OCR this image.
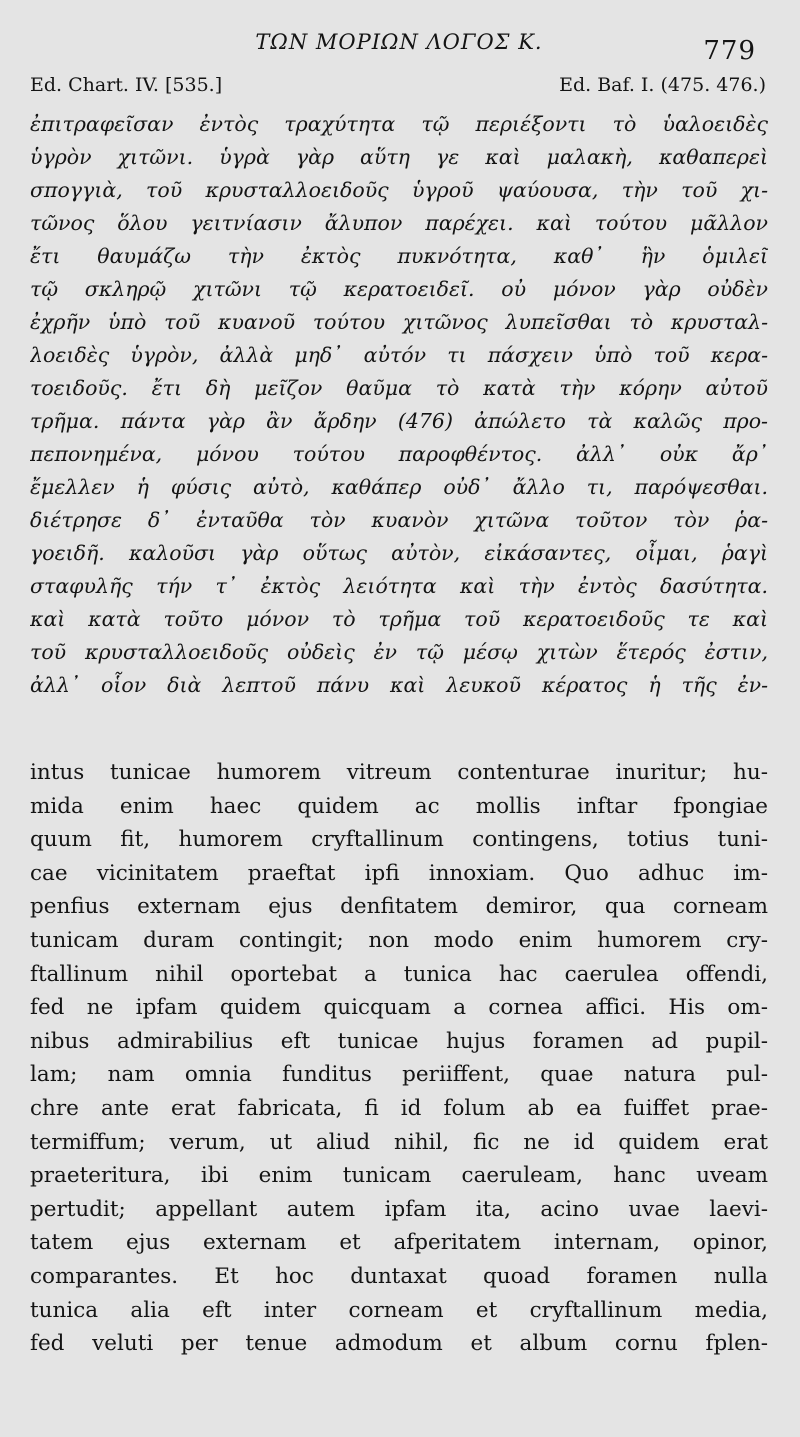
ΤΩΝ ΜΟΡΙΩΝ ΛΟΓΟΣ Κ.	779
Ed. Chart. IV. [535.]	Ed. Baf. I. (475. 476.)
ἐπιτραφεῖσαν ἐντὸς τραχύτητα τῷ περιέξοντι τὸ ὑαλοειδὲς
ὑγρὸν χιτῶνι. ὑγρὰ γὰρ αὕτη γε καὶ μαλακὴ, καθαπερεὶ
σπογγιὰ, τοῦ κρυσταλλοειδοῦς ὑγροῦ ψαύουσα, τὴν τοῦ χι-
τῶνος ὅλου γειτνίασιν ἄλυπον παρέχει. καὶ τούτου μᾶλλον
ἔτι θαυμάζω τὴν ἐκτὸς πυκνότητα, καθ᾽ ἣν ὁμιλεῖ
τῷ σκληρῷ χιτῶνι τῷ κερατοειδεῖ. οὐ μόνον γὰρ οὐδὲν
ἐχρῆν ὑπὸ τοῦ κυανοῦ τούτου χιτῶνος λυπεῖσθαι τὸ κρυσταλ-
λοειδὲς ὑγρὸν, ἀλλὰ μηδ᾽ αὐτόν τι πάσχειν ὑπὸ τοῦ κερα-
τοειδοῦς. ἔτι δὴ μεῖζον θαῦμα τὸ κατὰ τὴν κόρην αὐτοῦ
τρῆμα. πάντα γὰρ ἂν ἄρδην (476) ἀπώλετο τὰ καλῶς προ-
πεπονημένα, μόνου τούτου παροφθέντος. ἀλλ᾽ οὐκ ἄρ᾽
ἔμελλεν ἡ φύσις αὐτὸ, καθάπερ οὐδ᾽ ἄλλο τι, παρόψεσθαι.
διέτρησε δ᾽ ἐνταῦθα τὸν κυανὸν χιτῶνα τοῦτον τὸν ῥα-
γοειδῆ. καλοῦσι γὰρ οὕτως αὐτὸν, εἰκάσαντες, οἶμαι, ῥαγὶ
σταφυλῆς τήν τ᾽ ἐκτὸς λειότητα καὶ τὴν ἐντὸς δασύτητα.
καὶ κατὰ τοῦτο μόνον τὸ τρῆμα τοῦ κερατοειδοῦς τε καὶ
τοῦ κρυσταλλοειδοῦς οὐδεὶς ἐν τῷ μέσῳ χιτὼν ἕτερός ἐστιν,
ἀλλ᾽ οἷον διὰ λεπτοῦ πάνυ καὶ λευκοῦ κέρατος ἡ τῆς ἐν-
intus tunicae humorem vitreum contenturae inuritur; hu-
mida enim haec quidem ac mollis inftar fpongiae
quum fit, humorem cryftallinum contingens, totius tuni-
cae vicinitatem praeftat ipfi innoxiam. Quo adhuc im-
penfius externam ejus denfitatem demiror, qua corneam
tunicam duram contingit; non modo enim humorem cry-
ftallinum nihil oportebat a tunica hac caerulea offendi,
fed ne ipfam quidem quicquam a cornea affici. His om-
nibus admirabilius eft tunicae hujus foramen ad pupil-
lam; nam omnia funditus periiffent, quae natura pul-
chre ante erat fabricata, fi id folum ab ea fuiffet prae-
termiffum; verum, ut aliud nihil, fic ne id quidem erat
praeteritura, ibi enim tunicam caeruleam, hanc uveam
pertudit; appellant autem ipfam ita, acino uvae laevi-
tatem ejus externam et afperitatem internam, opinor,
comparantes. Et hoc duntaxat quoad foramen nulla
tunica alia eft inter corneam et cryftallinum media,
fed veluti per tenue admodum et album cornu fplen-
